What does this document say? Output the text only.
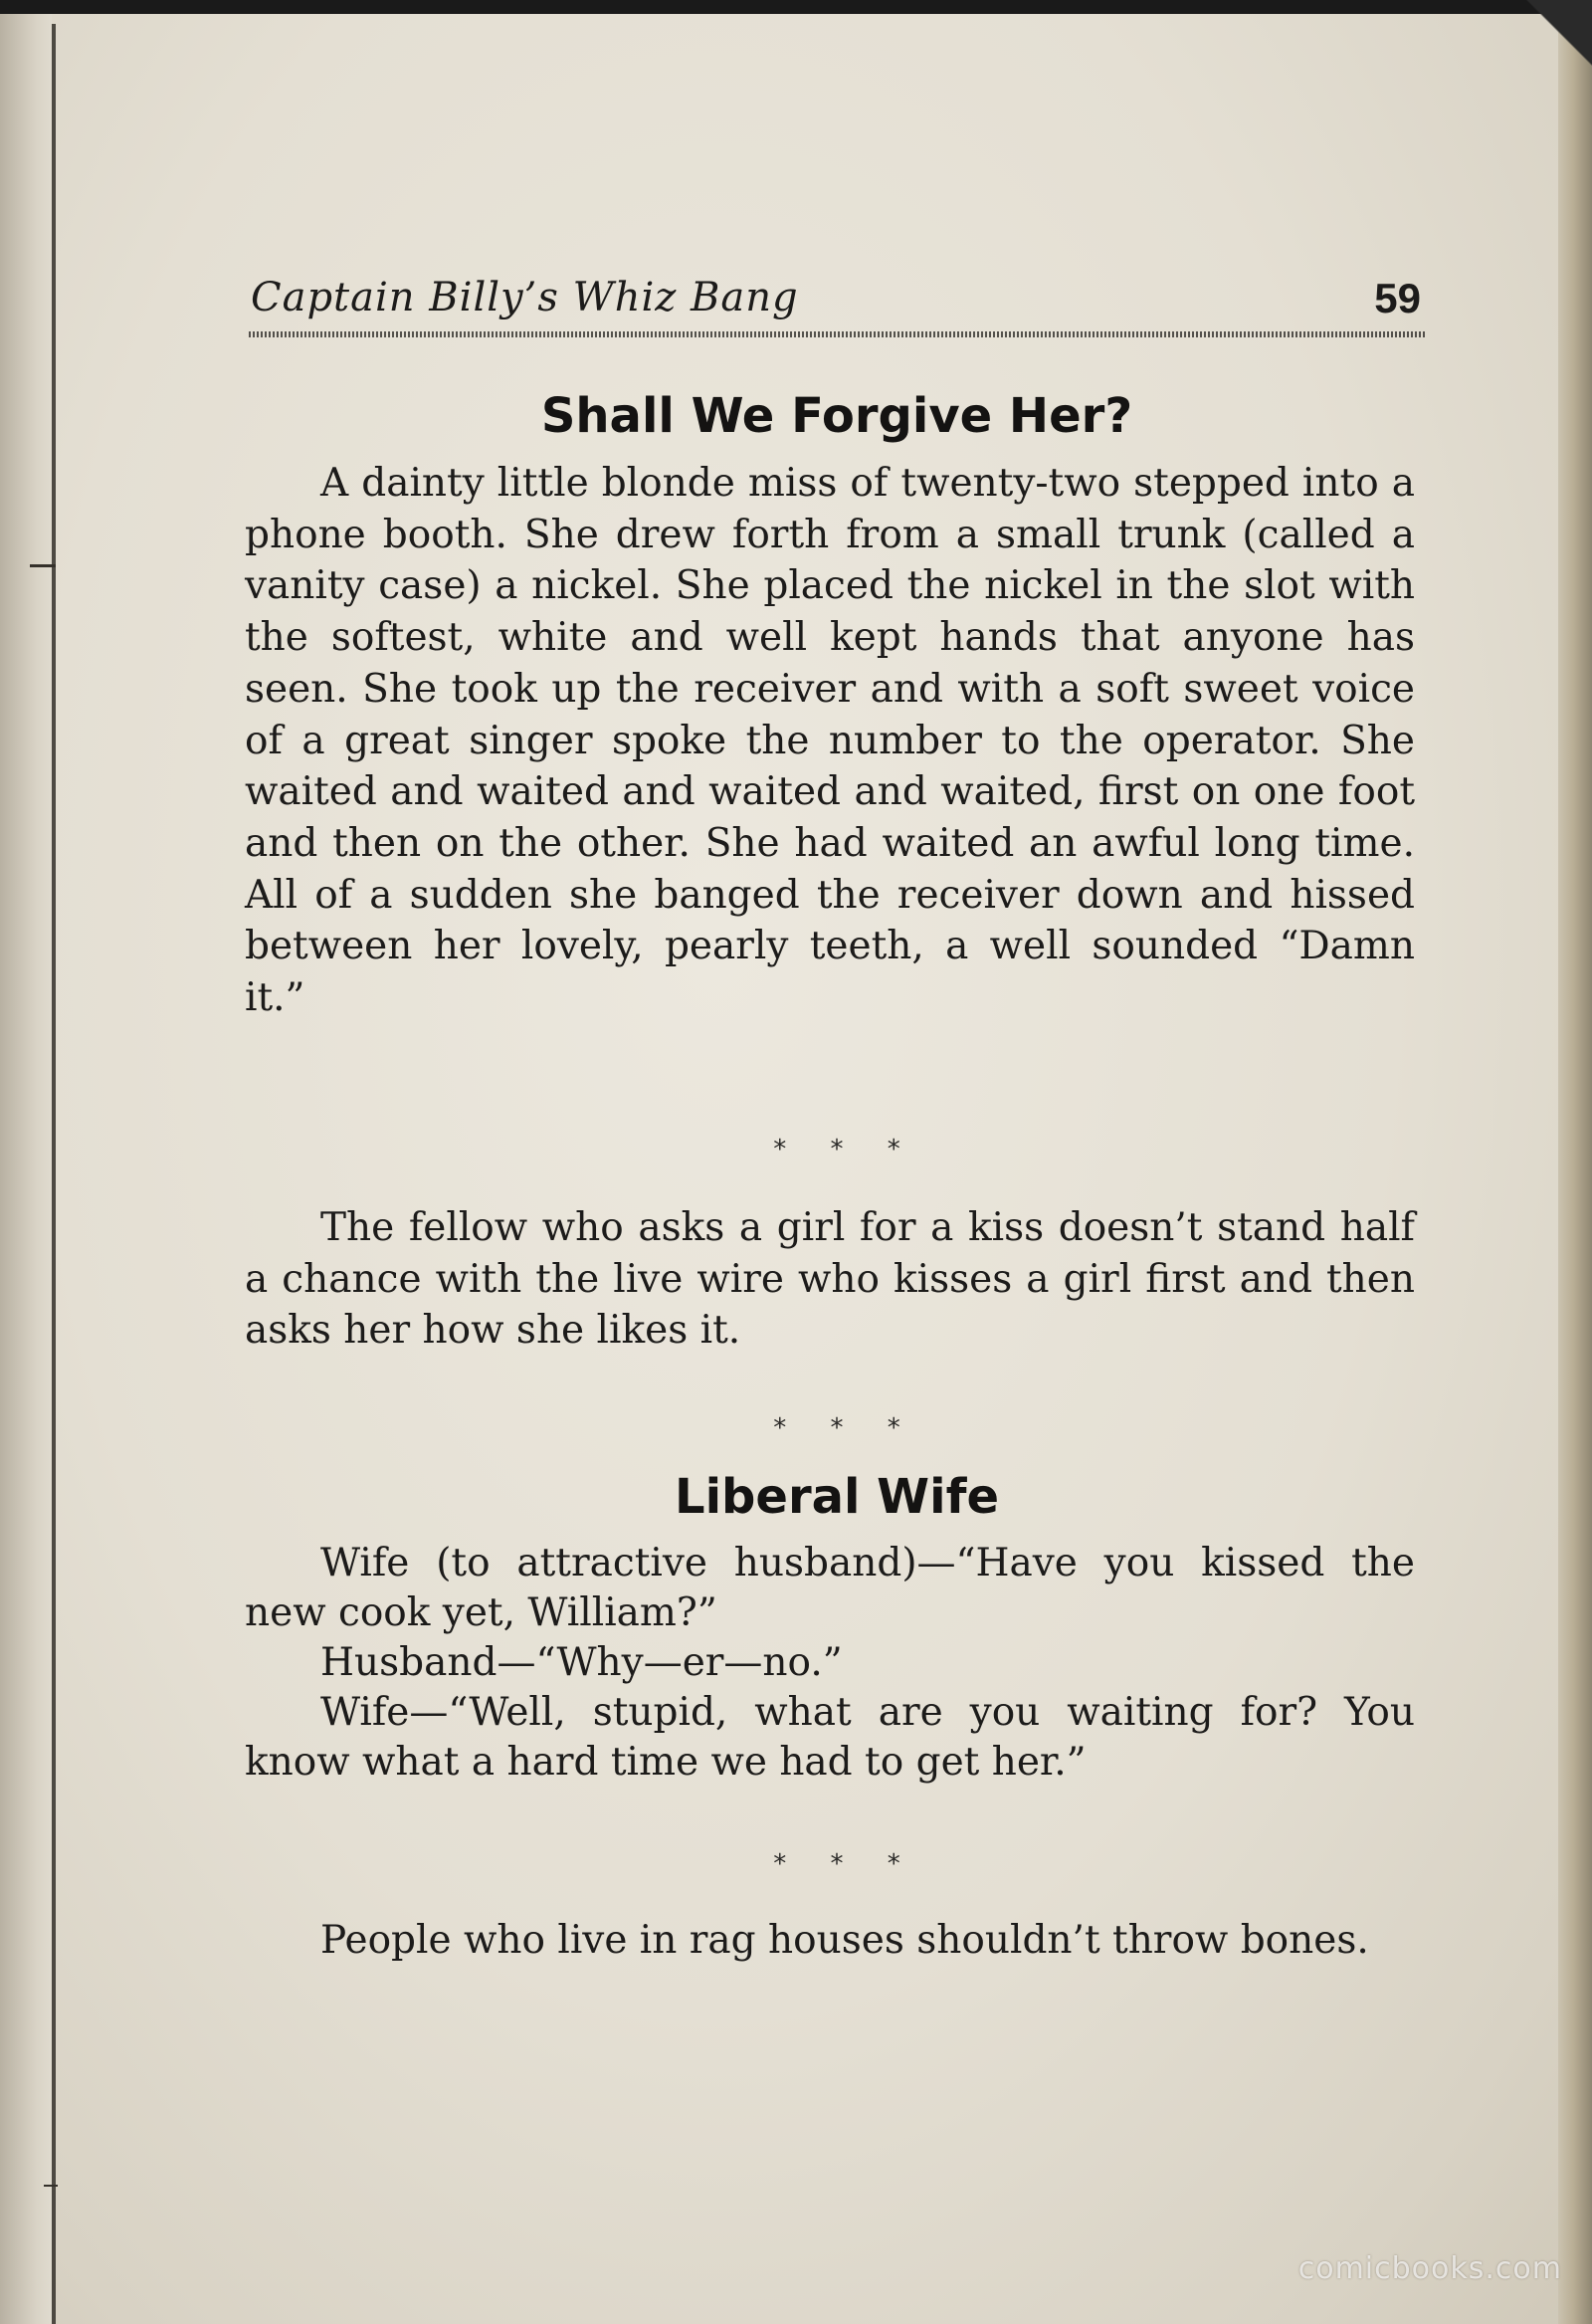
Captain Billy’s Whiz Bang	59
Shall We Forgive Her?

A dainty little blonde miss of twenty-two stepped into a phone booth. She drew forth from a small trunk (called a vanity case) a nickel. She placed the nickel in the slot with the softest, white and well kept hands that anyone has seen. She took up the receiver and with a soft sweet voice of a great singer spoke the number to the operator. She waited and waited and waited and waited, first on one foot and then on the other. She had waited an awful long time. All of a sudden she banged the receiver down and hissed between her lovely, pearly teeth, a well sounded “Damn it.”

* * *

The fellow who asks a girl for a kiss doesn’t stand half a chance with the live wire who kisses a girl first and then asks her how she likes it.

* * *
Liberal Wife

Wife (to attractive husband)—“Have you kissed the new cook yet, William?”

Husband—“Why—er—no.”

Wife—“Well, stupid, what are you waiting for? You know what a hard time we had to get her.”

* * *

People who live in rag houses shouldn’t throw bones.

comicbooks.com
